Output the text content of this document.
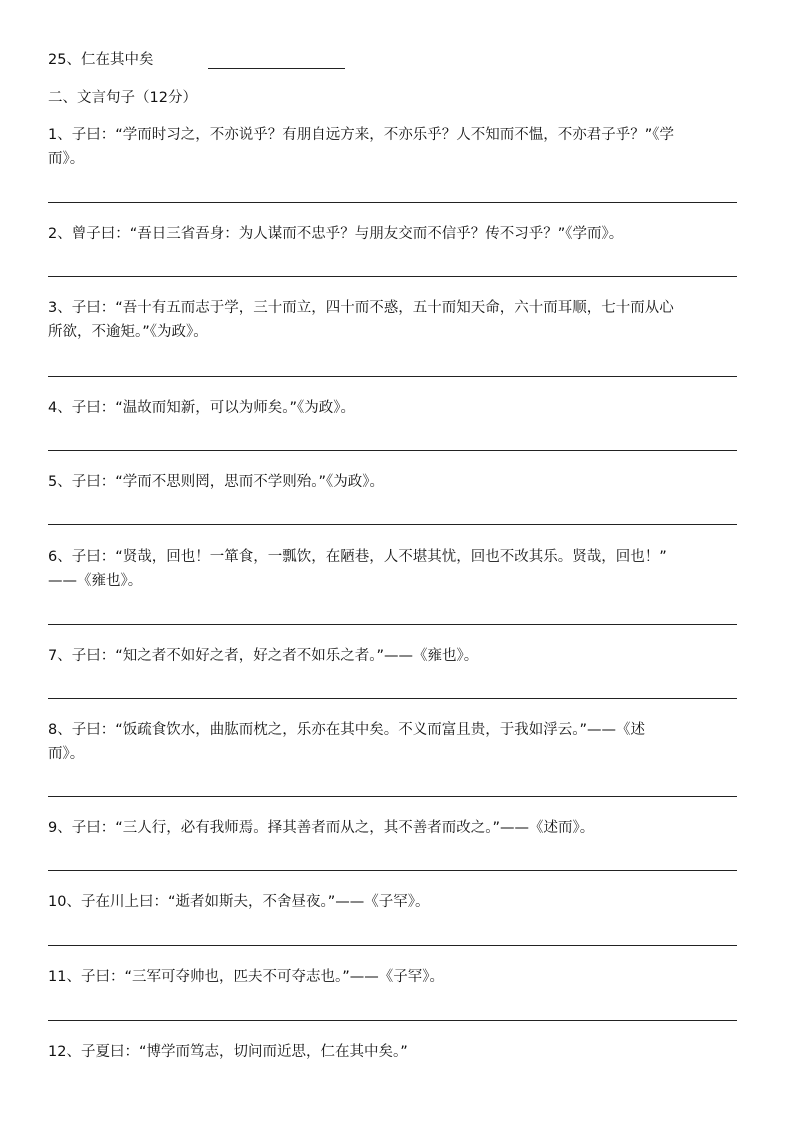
25、仁在其中矣
二、文言句子（12分）
1、子曰：“学而时习之，不亦说乎？有朋自远方来，不亦乐乎？人不知而不愠，不亦君子乎？”《学
而》。
2、曾子曰：“吾日三省吾身：为人谋而不忠乎？与朋友交而不信乎？传不习乎？”《学而》。
3、子曰：“吾十有五而志于学，三十而立，四十而不惑，五十而知天命，六十而耳顺，七十而从心
所欲，不逾矩。”《为政》。
4、子曰：“温故而知新，可以为师矣。”《为政》。
5、子曰：“学而不思则罔，思而不学则殆。”《为政》。
6、子曰：“贤哉，回也！一箪食，一瓢饮，在陋巷，人不堪其忧，回也不改其乐。贤哉，回也！”
——《雍也》。
7、子曰：“知之者不如好之者，好之者不如乐之者。”——《雍也》。
8、子曰：“饭疏食饮水，曲肱而枕之，乐亦在其中矣。不义而富且贵，于我如浮云。”——《述
而》。
9、子曰：“三人行，必有我师焉。择其善者而从之，其不善者而改之。”——《述而》。
10、子在川上曰：“逝者如斯夫，不舍昼夜。”——《子罕》。
11、子曰：“三军可夺帅也，匹夫不可夺志也。”——《子罕》。
12、子夏曰：“博学而笃志，切问而近思，仁在其中矣。”
